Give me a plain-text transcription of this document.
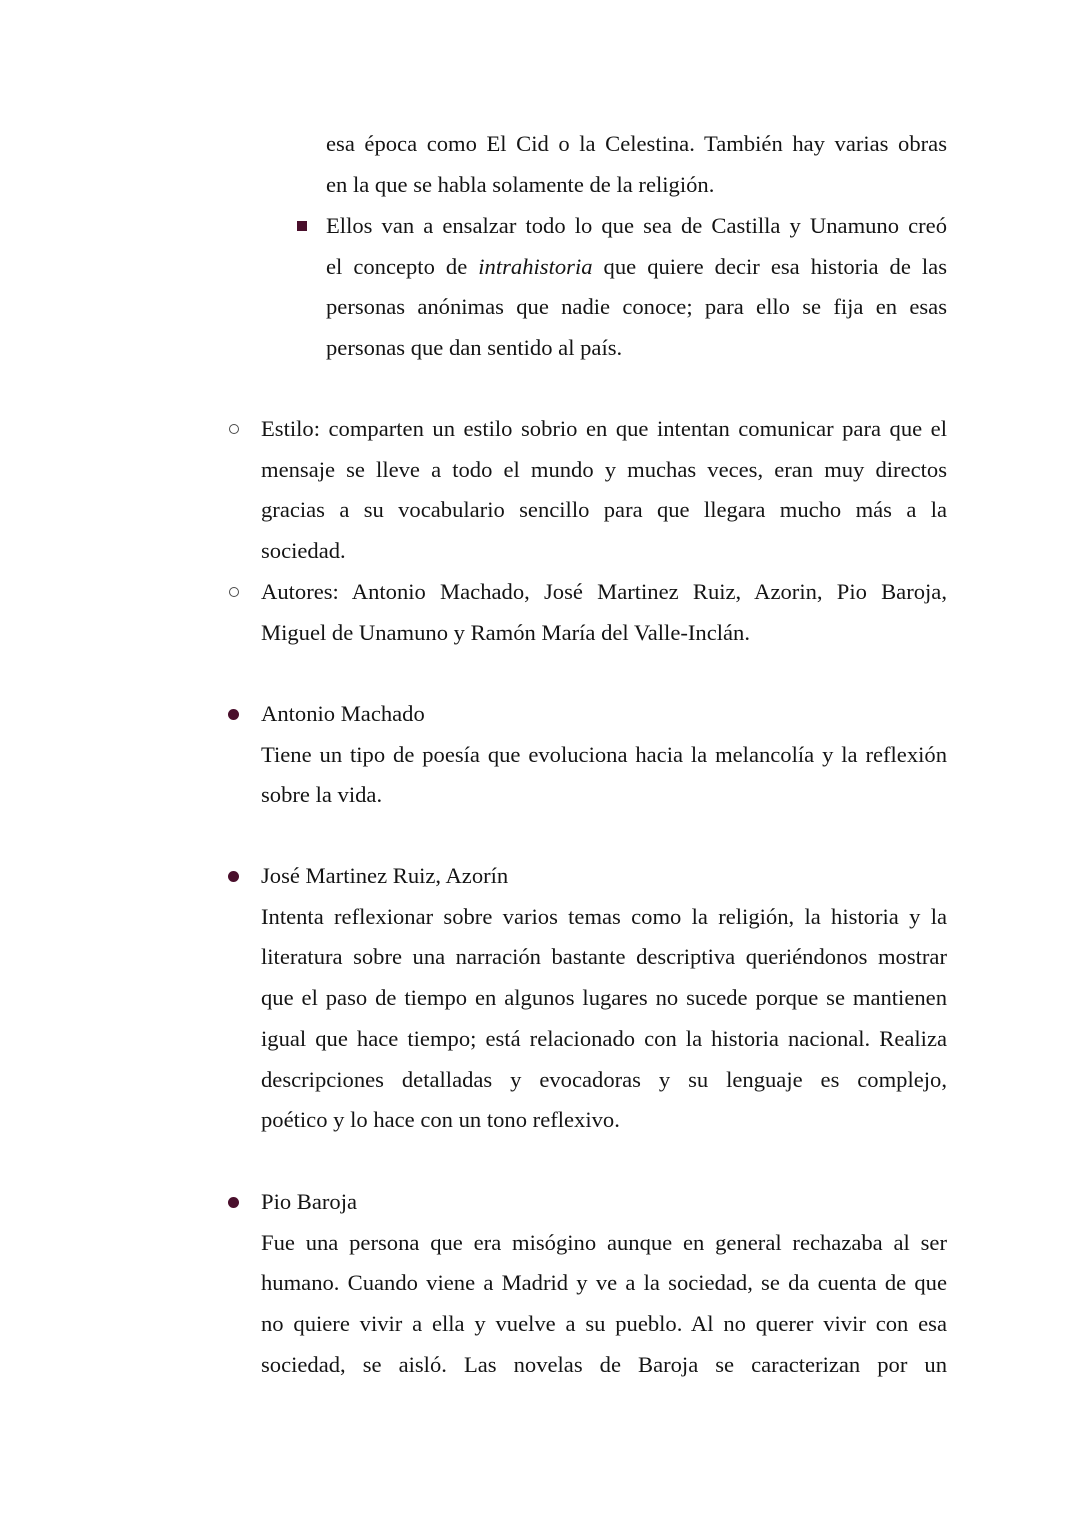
esa época como El Cid o la Celestina. También hay varias obras
en la que se habla solamente de la religión.
Ellos van a ensalzar todo lo que sea de Castilla y Unamuno creó
el concepto de intrahistoria que quiere decir esa historia de las
personas anónimas que nadie conoce; para ello se fija en esas
personas que dan sentido al país.
Estilo: comparten un estilo sobrio en que intentan comunicar para que el
mensaje se lleve a todo el mundo y muchas veces, eran muy directos
gracias a su vocabulario sencillo para que llegara mucho más a la
sociedad.
Autores: Antonio Machado, José Martinez Ruiz, Azorin, Pio Baroja,
Miguel de Unamuno y Ramón María del Valle-Inclán.
Antonio Machado
Tiene un tipo de poesía que evoluciona hacia la melancolía y la reflexión
sobre la vida.
José Martinez Ruiz, Azorín
Intenta reflexionar sobre varios temas como la religión, la historia y la
literatura sobre una narración bastante descriptiva queriéndonos mostrar
que el paso de tiempo en algunos lugares no sucede porque se mantienen
igual que hace tiempo; está relacionado con la historia nacional. Realiza
descripciones detalladas y evocadoras y su lenguaje es complejo,
poético y lo hace con un tono reflexivo.
Pio Baroja
Fue una persona que era misógino aunque en general rechazaba al ser
humano. Cuando viene a Madrid y ve a la sociedad, se da cuenta de que
no quiere vivir a ella y vuelve a su pueblo. Al no querer vivir con esa
sociedad, se aisló. Las novelas de Baroja se caracterizan por un
